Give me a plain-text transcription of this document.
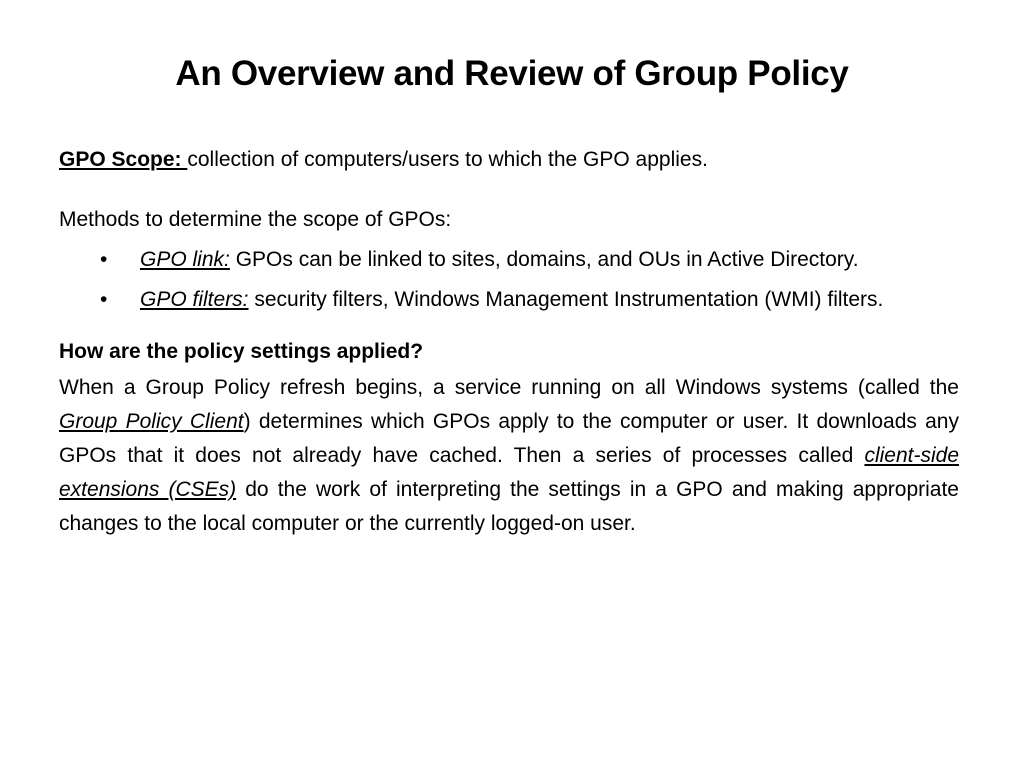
An Overview and Review of Group Policy

GPO Scope: collection of computers/users to which the GPO applies.

Methods to determine the scope of GPOs:

• GPO link: GPOs can be linked to sites, domains, and OUs in Active Directory.
• GPO filters: security filters, Windows Management Instrumentation (WMI) filters.

How are the policy settings applied?

When a Group Policy refresh begins, a service running on all Windows systems (called the Group Policy Client) determines which GPOs apply to the computer or user. It downloads any GPOs that it does not already have cached. Then a series of processes called client-side extensions (CSEs) do the work of interpreting the settings in a GPO and making appropriate changes to the local computer or the currently logged-on user.
